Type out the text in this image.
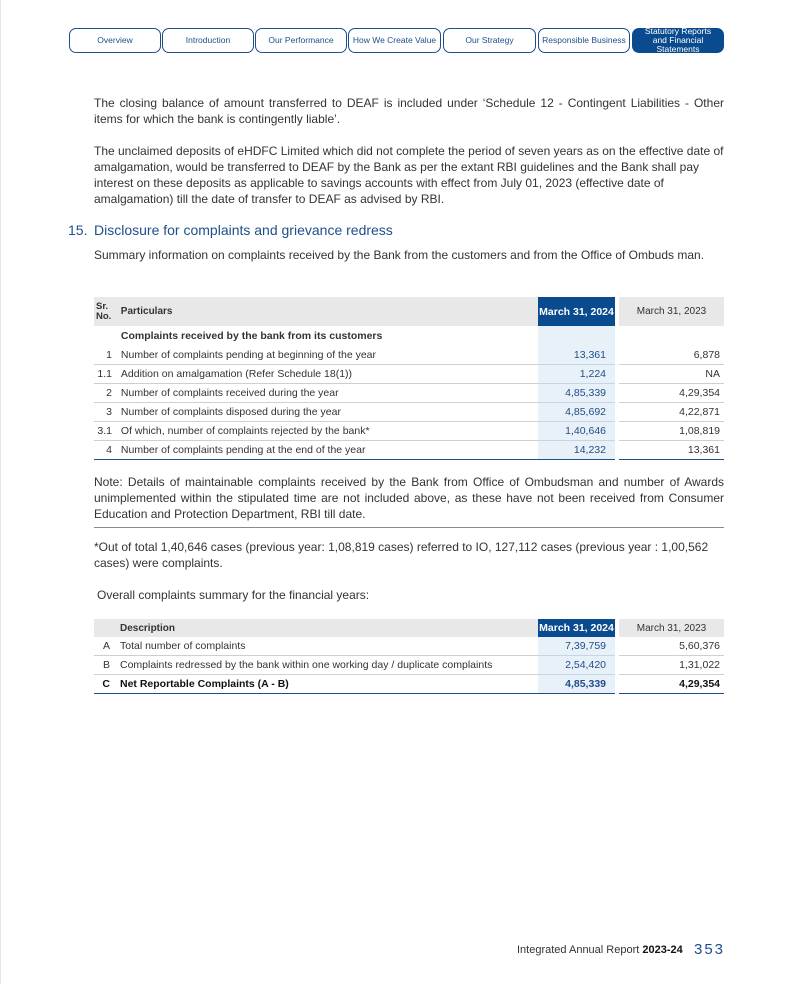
Overview	Introduction	Our Performance	How We Create Value	Our Strategy	Responsible Business
Statutory Reports and Financial Statements

The closing balance of amount transferred to DEAF is included under ‘Schedule 12 - Contingent Liabilities - Other items for which the bank is contingently liable’.

The unclaimed deposits of eHDFC Limited which did not complete the period of seven years as on the effective date of amalgamation, would be transferred to DEAF by the Bank as per the extant RBI guidelines and the Bank shall pay interest on these deposits as applicable to savings accounts with effect from July 01, 2023 (effective date of amalgamation) till the date of transfer to DEAF as advised by RBI.

15. Disclosure for complaints and grievance redress

Summary information on complaints received by the Bank from the customers and from the Office of Ombuds man.

Sr. No.	Particulars	March 31, 2024		March 31, 2023
	Complaints received by the bank from its customers			
1	Number of complaints pending at beginning of the year	13,361		6,878
1.1	Addition on amalgamation (Refer Schedule 18(1))	1,224		NA
2	Number of complaints received during the year	4,85,339		4,29,354
3	Number of complaints disposed during the year	4,85,692		4,22,871
3.1	Of which, number of complaints rejected by the bank*	1,40,646		1,08,819
4	Number of complaints pending at the end of the year	14,232		13,361

Note: Details of maintainable complaints received by the Bank from Office of Ombudsman and number of Awards unimplemented within the stipulated time are not included above, as these have not been received from Consumer Education and Protection Department, RBI till date.

*Out of total 1,40,646 cases (previous year: 1,08,819 cases) referred to IO, 127,112 cases (previous year : 1,00,562 cases) were complaints.

Overall complaints summary for the financial years:

	Description	March 31, 2024		March 31, 2023
A	Total number of complaints	7,39,759		5,60,376
B	Complaints redressed by the bank within one working day / duplicate complaints	2,54,420		1,31,022
C	Net Reportable Complaints (A - B)	4,85,339		4,29,354
Integrated Annual Report 2023-24 353
